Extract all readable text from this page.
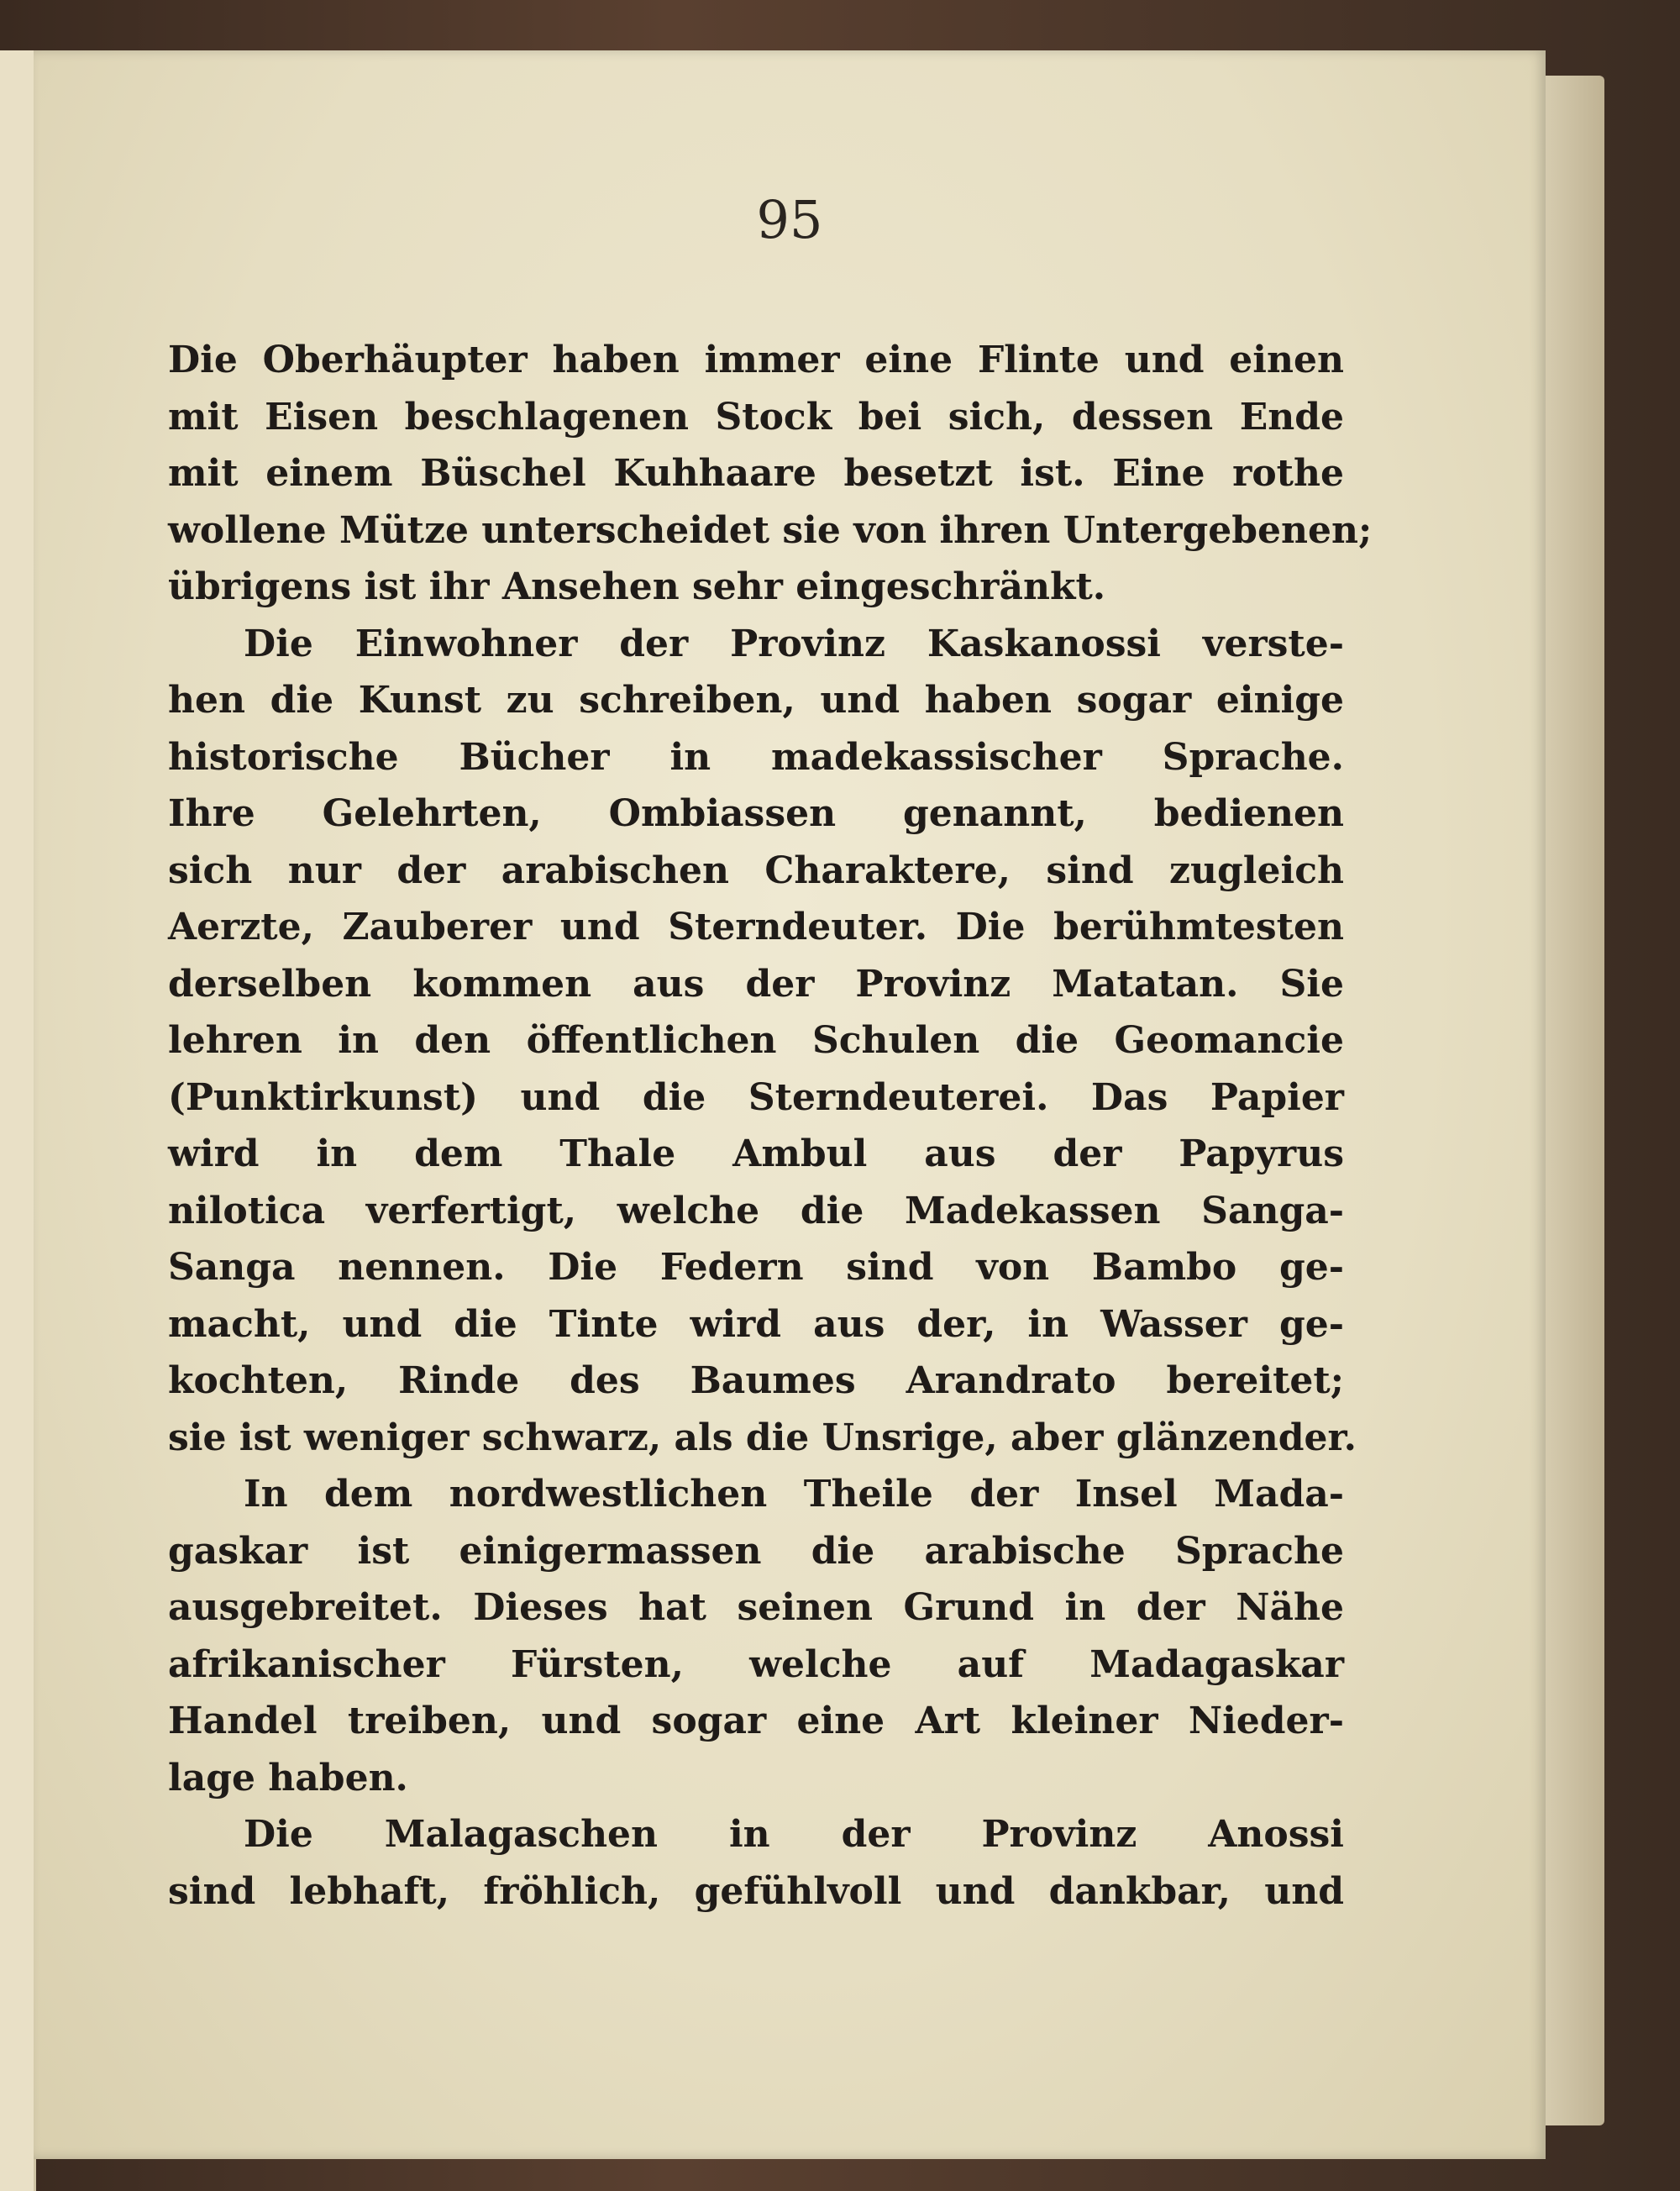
95
Die Oberhäupter haben immer eine Flinte und einen
mit Eisen beschlagenen Stock bei sich, dessen Ende
mit einem Büschel Kuhhaare besetzt ist. Eine rothe
wollene Mütze unterscheidet sie von ihren Untergebenen;
übrigens ist ihr Ansehen sehr eingeschränkt.
Die Einwohner der Provinz Kaskanossi verste-
hen die Kunst zu schreiben, und haben sogar einige
historische Bücher in madekassischer Sprache.
Ihre Gelehrten, Ombiassen genannt, bedienen
sich nur der arabischen Charaktere, sind zugleich
Aerzte, Zauberer und Sterndeuter. Die berühmtesten
derselben kommen aus der Provinz Matatan. Sie
lehren in den öffentlichen Schulen die Geomancie
(Punktirkunst) und die Sterndeuterei. Das Papier
wird in dem Thale Ambul aus der Papyrus
nilotica verfertigt, welche die Madekassen Sanga-
Sanga nennen. Die Federn sind von Bambo ge-
macht, und die Tinte wird aus der, in Wasser ge-
kochten, Rinde des Baumes Arandrato bereitet;
sie ist weniger schwarz, als die Unsrige, aber glänzender.
In dem nordwestlichen Theile der Insel Mada-
gaskar ist einigermassen die arabische Sprache
ausgebreitet. Dieses hat seinen Grund in der Nähe
afrikanischer Fürsten, welche auf Madagaskar
Handel treiben, und sogar eine Art kleiner Nieder-
lage haben.
Die Malagaschen in der Provinz Anossi
sind lebhaft, fröhlich, gefühlvoll und dankbar, und
